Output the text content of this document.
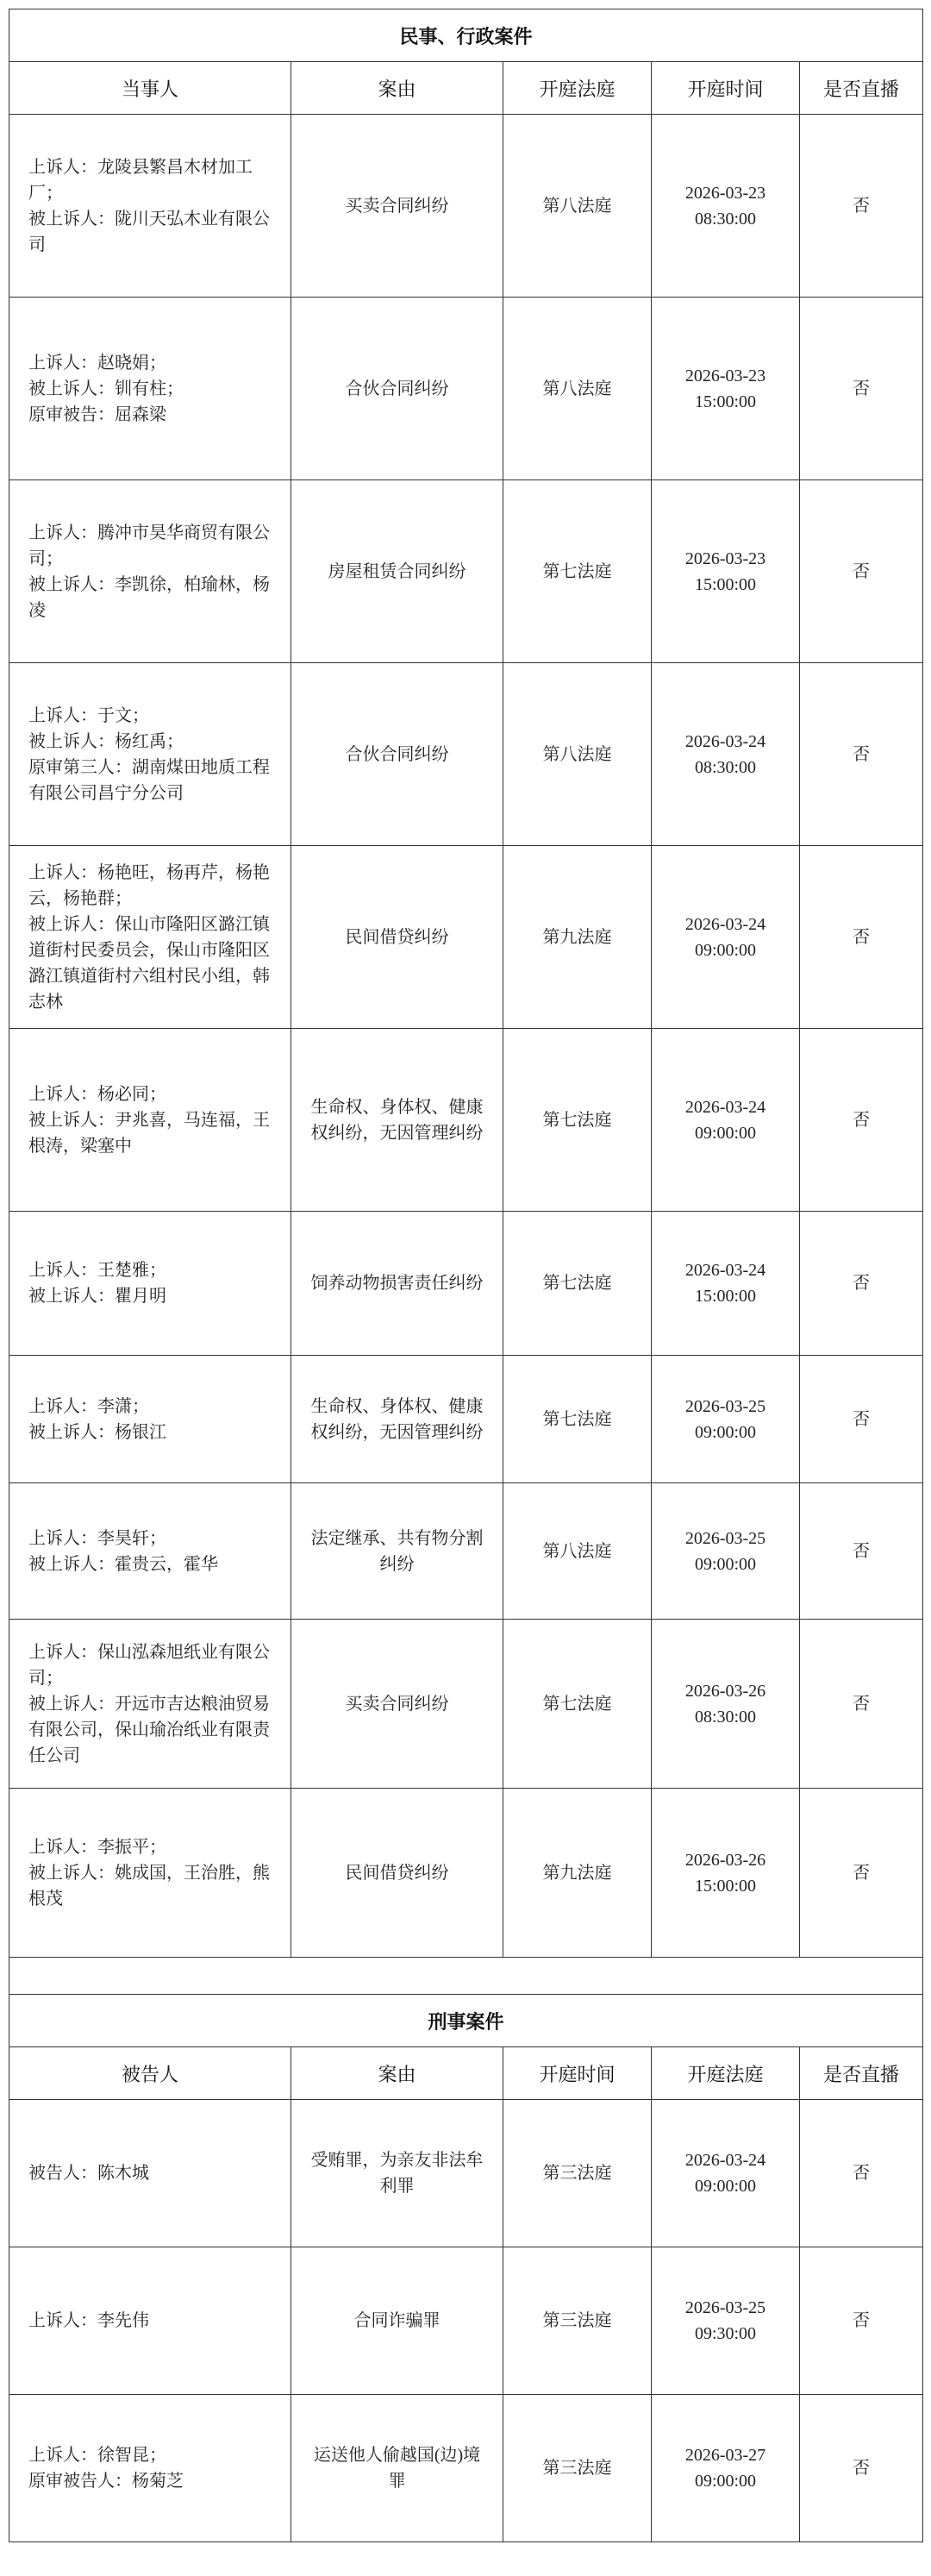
民事、行政案件				
当事人	案由	开庭法庭	开庭时间	是否直播

上诉人：龙陵县繁昌木材加工厂；
被上诉人：陇川天弘木业有限公司	买卖合同纠纷	第八法庭	2026-03-23
08:30:00	否

上诉人：赵晓娟；
被上诉人：钏有柱；
原审被告：屈森梁	合伙合同纠纷	第八法庭	2026-03-23
15:00:00	否

上诉人：腾冲市昊华商贸有限公司；
被上诉人：李凯徐，柏瑜林，杨凌	房屋租赁合同纠纷	第七法庭	2026-03-23
15:00:00	否

上诉人：于文；
被上诉人：杨红禹；
原审第三人：湖南煤田地质工程有限公司昌宁分公司	合伙合同纠纷	第八法庭	2026-03-24
08:30:00	否

上诉人：杨艳旺，杨再芹，杨艳云，杨艳群；
被上诉人：保山市隆阳区潞江镇道街村民委员会，保山市隆阳区潞江镇道街村六组村民小组，韩志林	民间借贷纠纷	第九法庭	2026-03-24
09:00:00	否

上诉人：杨必同；
被上诉人：尹兆喜，马连福，王根涛，梁塞中	生命权、身体权、健康
权纠纷，无因管理纠纷	第七法庭	2026-03-24
09:00:00	否

上诉人：王楚雅；
被上诉人：瞿月明	饲养动物损害责任纠纷	第七法庭	2026-03-24
15:00:00	否

上诉人：李潇；
被上诉人：杨银江	生命权、身体权、健康
权纠纷，无因管理纠纷	第七法庭	2026-03-25
09:00:00	否

上诉人：李昊轩；
被上诉人：霍贵云，霍华	法定继承、共有物分割
纠纷	第八法庭	2026-03-25
09:00:00	否

上诉人：保山泓森旭纸业有限公司；
被上诉人：开远市吉达粮油贸易有限公司，保山瑜冶纸业有限责任公司	买卖合同纠纷	第七法庭	2026-03-26
08:30:00	否

上诉人：李振平；
被上诉人：姚成国，王治胜，熊根茂	民间借贷纠纷	第九法庭	2026-03-26
15:00:00	否

刑事案件				
被告人	案由	开庭时间	开庭法庭	是否直播

被告人：陈木城	受贿罪，为亲友非法牟
利罪	第三法庭	2026-03-24
09:00:00	否

上诉人：李先伟	合同诈骗罪	第三法庭	2026-03-25
09:30:00	否

上诉人：徐智昆；
原审被告人：杨菊芝	运送他人偷越国(边)境
罪	第三法庭	2026-03-27
09:00:00	否
